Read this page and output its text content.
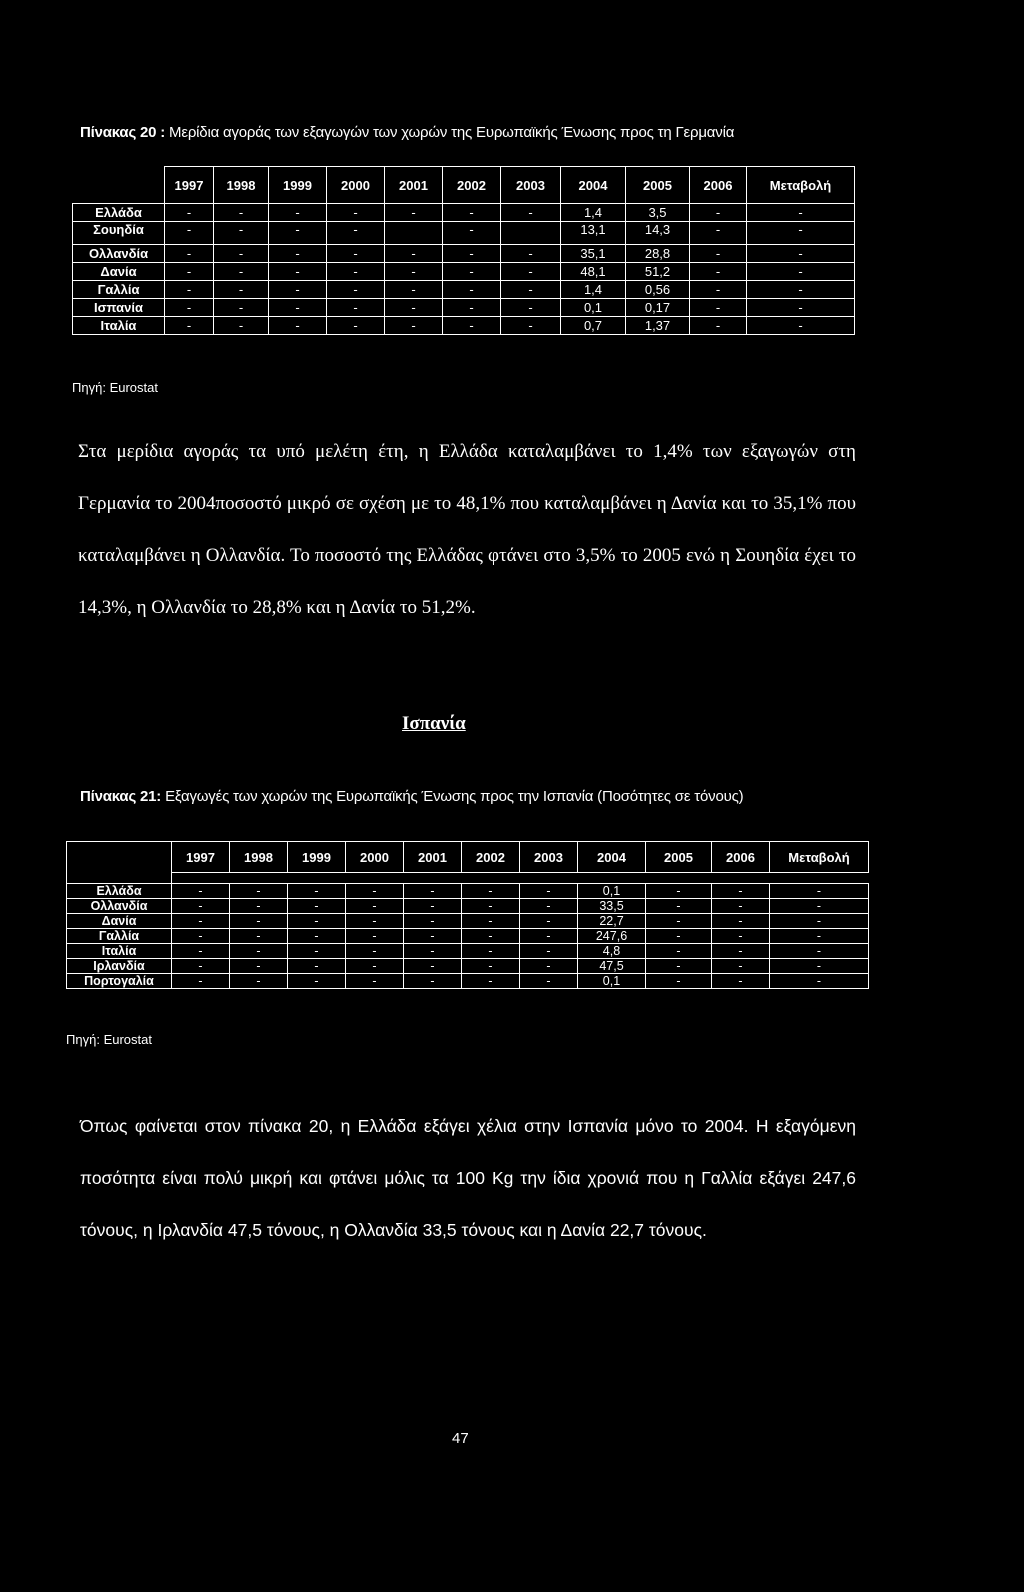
Πίνακας 20 : Μερίδια αγοράς των εξαγωγών των χωρών της Ευρωπαϊκής Ένωσης προς τη Γερμανία
	1997	1998	1999	2000	2001	2002	2003	2004	2005	2006	Μεταβολή
Ελλάδα	-	-	-	-	-	-	-	1,4	3,5	-	-
Σουηδία	-	-	-	-		-		13,1	14,3	-	-
Ολλανδία	-	-	-	-	-	-	-	35,1	28,8	-	-
Δανία	-	-	-	-	-	-	-	48,1	51,2	-	-
Γαλλία	-	-	-	-	-	-	-	1,4	0,56	-	-
Ισπανία	-	-	-	-	-	-	-	0,1	0,17	-	-
Ιταλία	-	-	-	-	-	-	-	0,7	1,37	-	-
Πηγή: Eurostat
Στα μερίδια αγοράς τα υπό μελέτη έτη, η Ελλάδα καταλαμβάνει το 1,4% των εξαγωγών στη Γερμανία το 2004ποσοστό μικρό σε σχέση με το 48,1% που καταλαμβάνει η Δανία και το 35,1% που καταλαμβάνει η Ολλανδία. Το ποσοστό της Ελλάδας φτάνει στο 3,5% το 2005 ενώ η Σουηδία έχει το 14,3%, η Ολλανδία το 28,8% και η Δανία το 51,2%.
Ισπανία
Πίνακας 21: Εξαγωγές των χωρών της Ευρωπαϊκής Ένωσης προς την Ισπανία (Ποσότητες σε τόνους)
	1997	1998	1999	2000	2001	2002	2003	2004	2005	2006	Μεταβολή

Ελλάδα	-	-	-	-	-	-	-	0,1	-	-	-
Ολλανδία	-	-	-	-	-	-	-	33,5	-	-	-
Δανία	-	-	-	-	-	-	-	22,7	-	-	-
Γαλλία	-	-	-	-	-	-	-	247,6	-	-	-
Ιταλία	-	-	-	-	-	-	-	4,8	-	-	-
Ιρλανδία	-	-	-	-	-	-	-	47,5	-	-	-
Πορτογαλία	-	-	-	-	-	-	-	0,1	-	-	-
Πηγή: Eurostat
Όπως φαίνεται στον πίνακα 20, η Ελλάδα εξάγει χέλια στην Ισπανία μόνο το 2004. Η εξαγόμενη ποσότητα είναι πολύ μικρή και φτάνει μόλις τα 100 Kg την ίδια χρονιά που η Γαλλία εξάγει 247,6 τόνους, η Ιρλανδία 47,5 τόνους, η Ολλανδία 33,5 τόνους και η Δανία 22,7 τόνους.
47
